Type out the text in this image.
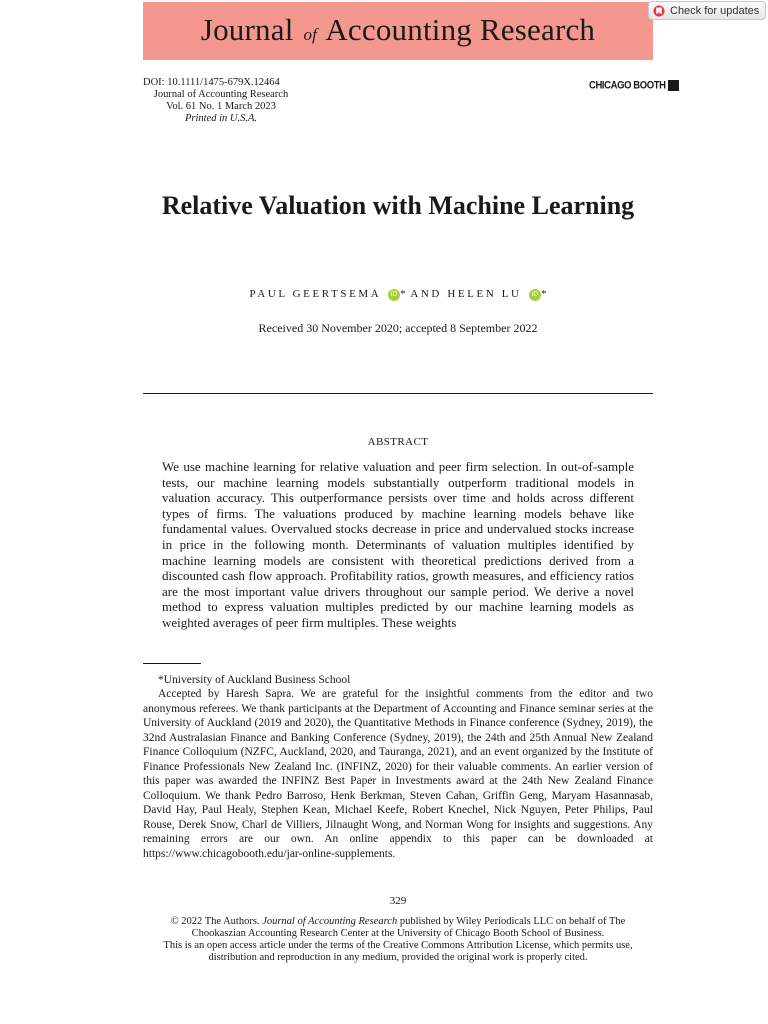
Journal of Accounting Research
Check for updates
DOI: 10.1111/1475-679X.12464
Journal of Accounting Research
Vol. 61 No. 1 March 2023
Printed in U.S.A.
CHICAGO BOOTH
Relative Valuation with Machine Learning
PAUL GEERTSEMA iD * AND HELEN LU iD *
Received 30 November 2020; accepted 8 September 2022
ABSTRACT
We use machine learning for relative valuation and peer firm selection. In out-of-sample tests, our machine learning models substantially outperform traditional models in valuation accuracy. This outperformance persists over time and holds across different types of firms. The valuations produced by machine learning models behave like fundamental values. Overvalued stocks decrease in price and undervalued stocks increase in price in the following month. Determinants of valuation multiples identified by machine learning models are consistent with theoretical predictions derived from a discounted cash flow approach. Profitability ratios, growth measures, and efficiency ratios are the most important value drivers throughout our sample period. We derive a novel method to express valuation multiples predicted by our machine learning models as weighted averages of peer firm multiples. These weights
*University of Auckland Business School
Accepted by Haresh Sapra. We are grateful for the insightful comments from the editor and two anonymous referees. We thank participants at the Department of Accounting and Finance seminar series at the University of Auckland (2019 and 2020), the Quantitative Methods in Finance conference (Sydney, 2019), the 32nd Australasian Finance and Banking Conference (Sydney, 2019), the 24th and 25th Annual New Zealand Finance Colloquium (NZFC, Auckland, 2020, and Tauranga, 2021), and an event organized by the Institute of Finance Professionals New Zealand Inc. (INFINZ, 2020) for their valuable comments. An earlier version of this paper was awarded the INFINZ Best Paper in Investments award at the 24th New Zealand Finance Colloquium. We thank Pedro Barroso, Henk Berkman, Steven Cahan, Griffin Geng, Maryam Hasannasab, David Hay, Paul Healy, Stephen Kean, Michael Keefe, Robert Knechel, Nick Nguyen, Peter Philips, Paul Rouse, Derek Snow, Charl de Villiers, Jilnaught Wong, and Norman Wong for insights and suggestions. Any remaining errors are our own. An online appendix to this paper can be downloaded at https://www.chicagobooth.edu/jar-online-supplements.
329
© 2022 The Authors. Journal of Accounting Research published by Wiley Periodicals LLC on behalf of The Chookaszian Accounting Research Center at the University of Chicago Booth School of Business.
This is an open access article under the terms of the Creative Commons Attribution License, which permits use, distribution and reproduction in any medium, provided the original work is properly cited.
